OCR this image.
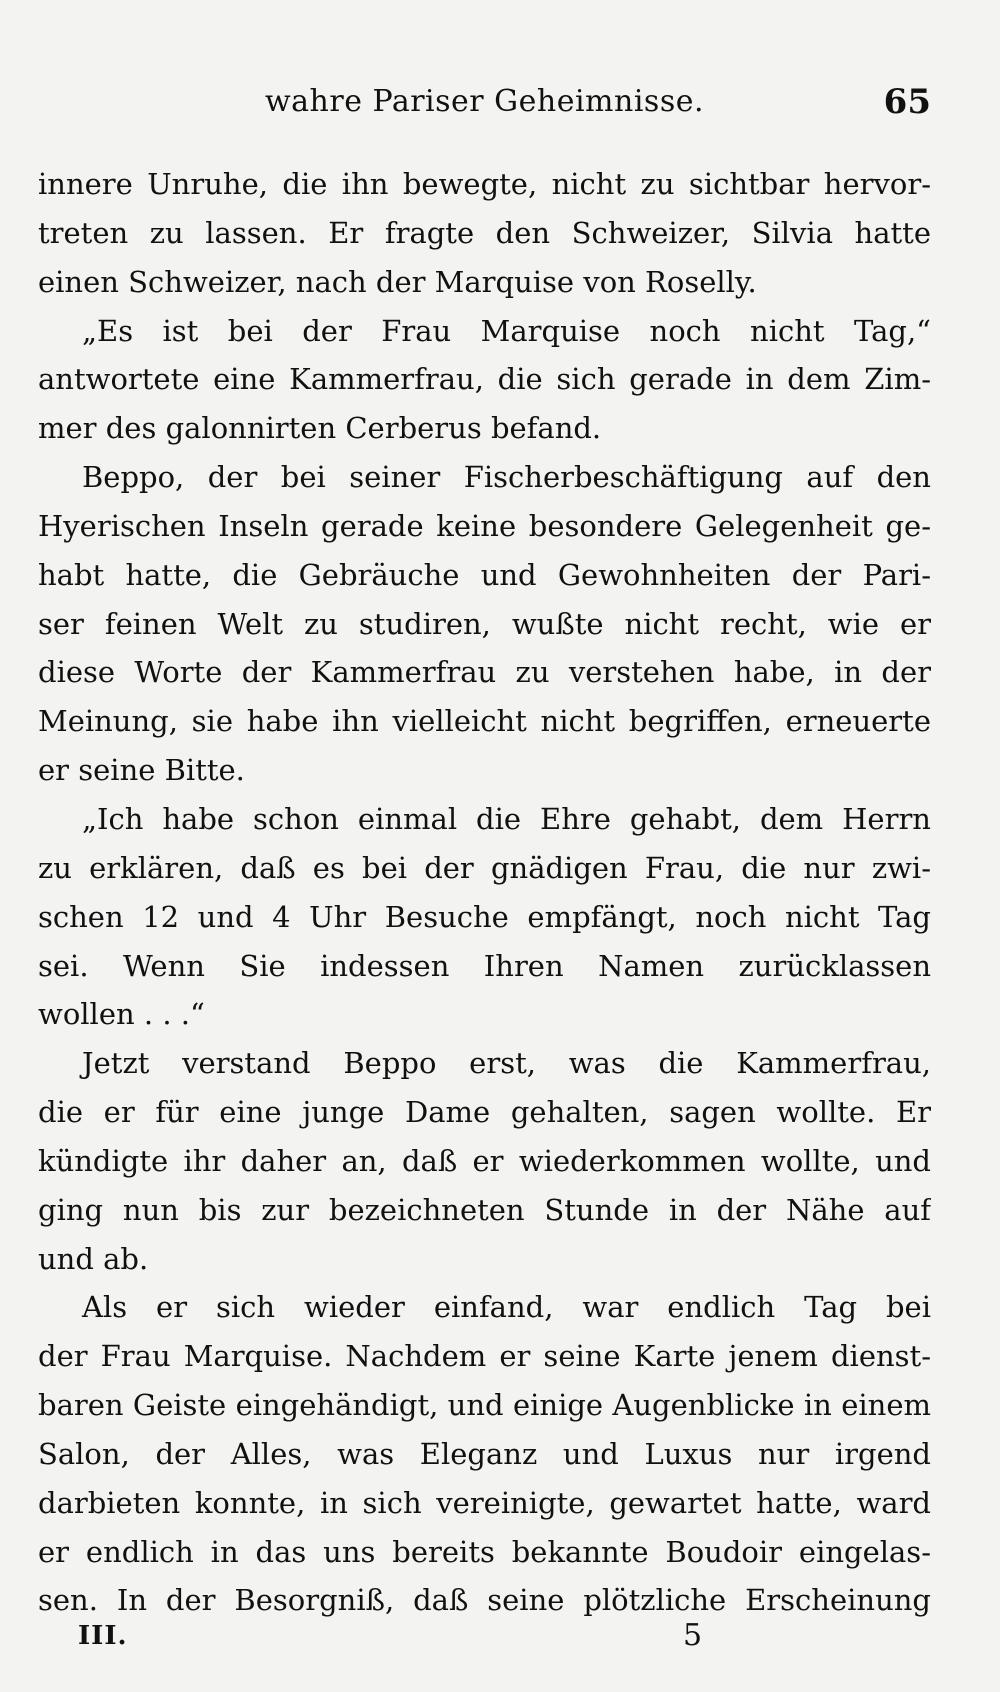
wahre Pariser Geheimnisse.	65
innere Unruhe, die ihn bewegte, nicht zu sichtbar hervor-
treten zu lassen. Er fragte den Schweizer, Silvia hatte
einen Schweizer, nach der Marquise von Roselly.
„Es ist bei der Frau Marquise noch nicht Tag,“
antwortete eine Kammerfrau, die sich gerade in dem Zim-
mer des galonnirten Cerberus befand.
Beppo, der bei seiner Fischerbeschäftigung auf den
Hyerischen Inseln gerade keine besondere Gelegenheit ge-
habt hatte, die Gebräuche und Gewohnheiten der Pari-
ser feinen Welt zu studiren, wußte nicht recht, wie er
diese Worte der Kammerfrau zu verstehen habe, in der
Meinung, sie habe ihn vielleicht nicht begriffen, erneuerte
er seine Bitte.
„Ich habe schon einmal die Ehre gehabt, dem Herrn
zu erklären, daß es bei der gnädigen Frau, die nur zwi-
schen 12 und 4 Uhr Besuche empfängt, noch nicht Tag
sei. Wenn Sie indessen Ihren Namen zurücklassen
wollen . . .“
Jetzt verstand Beppo erst, was die Kammerfrau,
die er für eine junge Dame gehalten, sagen wollte. Er
kündigte ihr daher an, daß er wiederkommen wollte, und
ging nun bis zur bezeichneten Stunde in der Nähe auf
und ab.
Als er sich wieder einfand, war endlich Tag bei
der Frau Marquise. Nachdem er seine Karte jenem dienst-
baren Geiste eingehändigt, und einige Augenblicke in einem
Salon, der Alles, was Eleganz und Luxus nur irgend
darbieten konnte, in sich vereinigte, gewartet hatte, ward
er endlich in das uns bereits bekannte Boudoir eingelas-
sen. In der Besorgniß, daß seine plötzliche Erscheinung
III.	5
